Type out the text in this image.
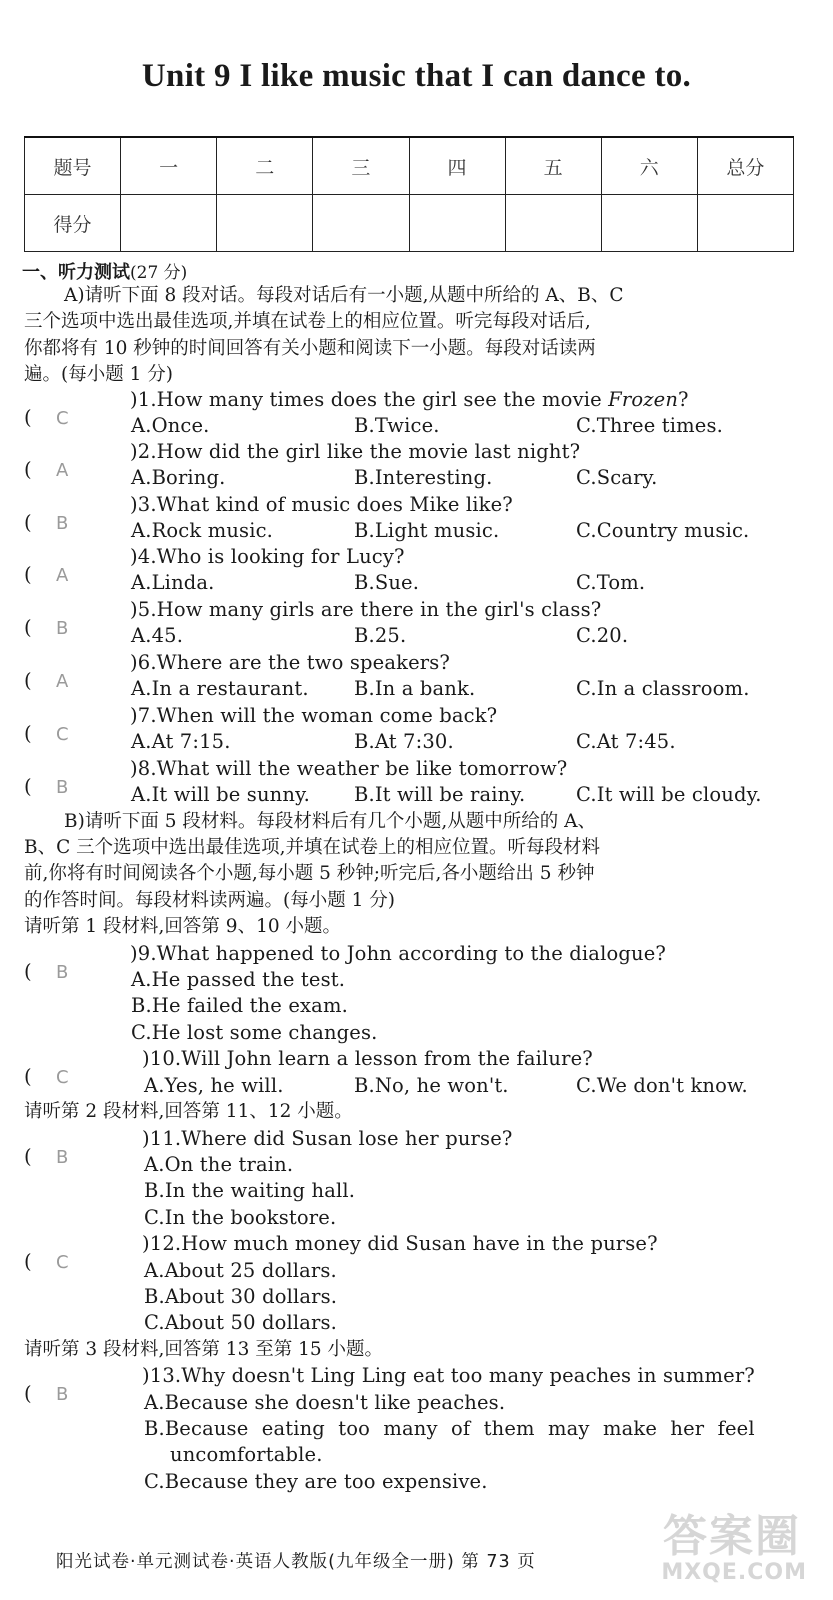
Unit 9 I like music that I can dance to.
题号	一	二	三	四	五	六	总分
得分							
一、听力测试(27 分)
A)请听下面 8 段对话。每段对话后有一小题,从题中所给的 A、B、C
三个选项中选出最佳选项,并填在试卷上的相应位置。听完每段对话后,
你都将有 10 秒钟的时间回答有关小题和阅读下一小题。每段对话读两
遍。(每小题 1 分)
( C
)1.How many times does the girl see the movie Frozen?
A.Once.	B.Twice.	C.Three times.
( A
)2.How did the girl like the movie last night?
A.Boring.	B.Interesting.	C.Scary.
( B
)3.What kind of music does Mike like?
A.Rock music.	B.Light music.	C.Country music.
( A
)4.Who is looking for Lucy?
A.Linda.	B.Sue.	C.Tom.
( B
)5.How many girls are there in the girl's class?
A.45.	B.25.	C.20.
( A
)6.Where are the two speakers?
A.In a restaurant. B.In a bank.	C.In a classroom.
( C
)7.When will the woman come back?
A.At 7:15.	B.At 7:30.	C.At 7:45.
( B
)8.What will the weather be like tomorrow?
A.It will be sunny. B.It will be rainy.	C.It will be cloudy.
B)请听下面 5 段材料。每段材料后有几个小题,从题中所给的 A、
B、C 三个选项中选出最佳选项,并填在试卷上的相应位置。听每段材料
前,你将有时间阅读各个小题,每小题 5 秒钟;听完后,各小题给出 5 秒钟
的作答时间。每段材料读两遍。(每小题 1 分)
请听第 1 段材料,回答第 9、10 小题。
( B
)9.What happened to John according to the dialogue?
A.He passed the test.
B.He failed the exam.
C.He lost some changes.
( C
)10.Will John learn a lesson from the failure?
A.Yes, he will.	B.No, he won't.	C.We don't know.
请听第 2 段材料,回答第 11、12 小题。
( B
)11.Where did Susan lose her purse?
A.On the train.
B.In the waiting hall.
C.In the bookstore.
( C
)12.How much money did Susan have in the purse?
A.About 25 dollars.
B.About 30 dollars.
C.About 50 dollars.
请听第 3 段材料,回答第 13 至第 15 小题。
( B
)13.Why doesn't Ling Ling eat too many peaches in summer?
A.Because she doesn't like peaches.
B.Because eating too many of them may make her feel
uncomfortable.
C.Because they are too expensive.
答案圈
MXQE.COM
阳光试卷·单元测试卷·英语人教版(九年级全一册) 第 73 页
